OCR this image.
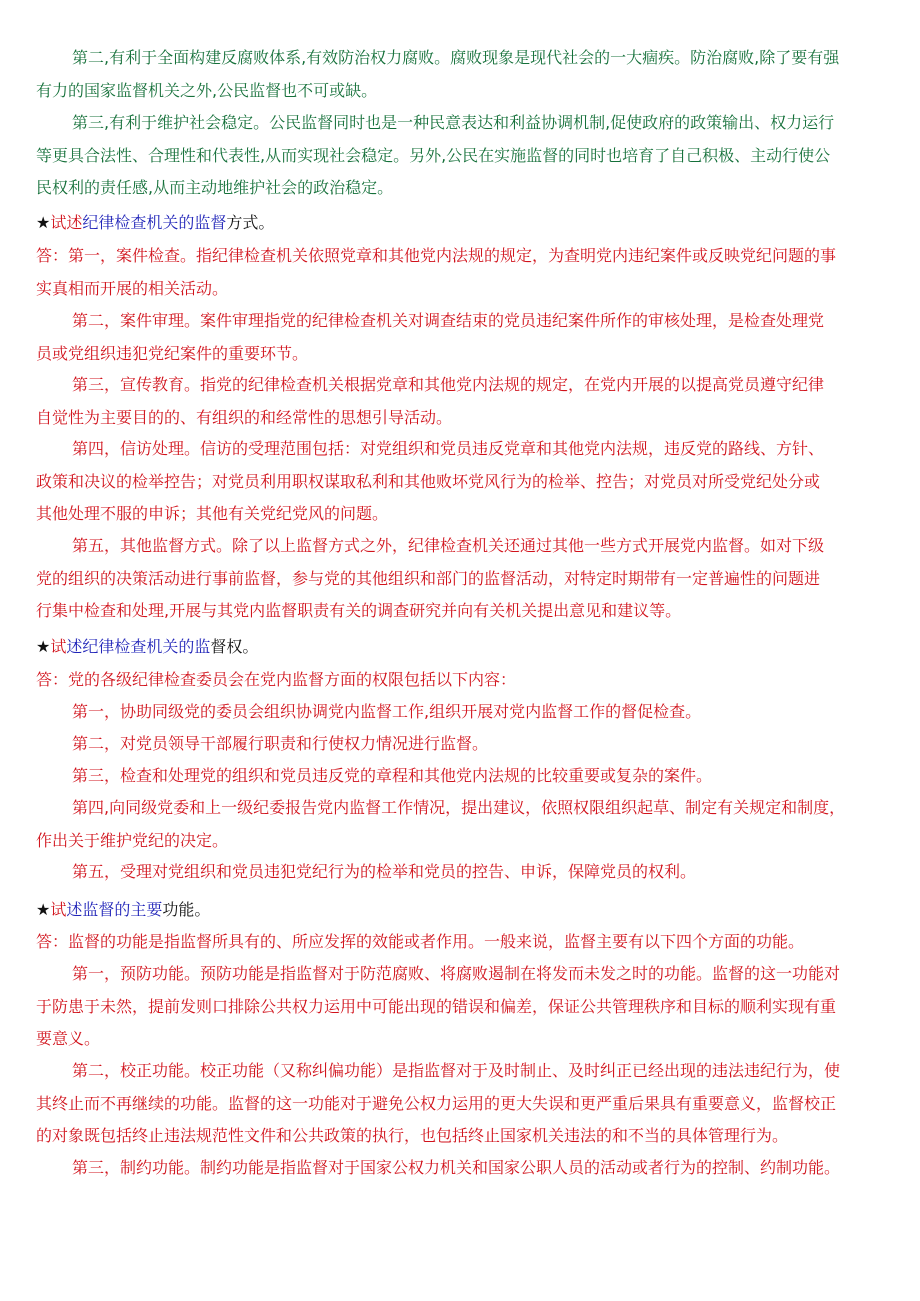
第二,有利于全面构建反腐败体系,有效防治权力腐败。腐败现象是现代社会的一大痼疾。防治腐败,除了要有强
有力的国家监督机关之外,公民监督也不可或缺。
第三,有利于维护社会稳定。公民监督同时也是一种民意表达和利益协调机制,促使政府的政策输出、权力运行
等更具合法性、合理性和代表性,从而实现社会稳定。另外,公民在实施监督的同时也培育了自己积极、主动行使公
民权利的责任感,从而主动地维护社会的政治稳定。
★试述纪律检查机关的监督方式。
答：第一，案件检查。指纪律检查机关依照党章和其他党内法规的规定，为查明党内违纪案件或反映党纪问题的事
实真相而开展的相关活动。
第二，案件审理。案件审理指党的纪律检查机关对调查结束的党员违纪案件所作的审核处理，是检查处理党
员或党组织违犯党纪案件的重要环节。
第三，宣传教育。指党的纪律检查机关根据党章和其他党内法规的规定，在党内开展的以提高党员遵守纪律
自觉性为主要目的的、有组织的和经常性的思想引导活动。
第四，信访处理。信访的受理范围包括：对党组织和党员违反党章和其他党内法规，违反党的路线、方针、
政策和决议的检举控告；对党员利用职权谋取私利和其他败坏党风行为的检举、控告；对党员对所受党纪处分或
其他处理不服的申诉；其他有关党纪党风的问题。
第五，其他监督方式。除了以上监督方式之外，纪律检查机关还通过其他一些方式开展党内监督。如对下级
党的组织的决策活动进行事前监督，参与党的其他组织和部门的监督活动，对特定时期带有一定普遍性的问题进
行集中检查和处理,开展与其党内监督职责有关的调查研究并向有关机关提出意见和建议等。
★试述纪律检查机关的监督权。
答：党的各级纪律检查委员会在党内监督方面的权限包括以下内容：
第一，协助同级党的委员会组织协调党内监督工作,组织开展对党内监督工作的督促检查。
第二，对党员领导干部履行职责和行使权力情况进行监督。
第三，检查和处理党的组织和党员违反党的章程和其他党内法规的比较重要或复杂的案件。
第四,向同级党委和上一级纪委报告党内监督工作情况，提出建议，依照权限组织起草、制定有关规定和制度，
作出关于维护党纪的决定。
第五，受理对党组织和党员违犯党纪行为的检举和党员的控告、申诉，保障党员的权利。
★试述监督的主要功能。
答：监督的功能是指监督所具有的、所应发挥的效能或者作用。一般来说，监督主要有以下四个方面的功能。
第一，预防功能。预防功能是指监督对于防范腐败、将腐败遏制在将发而未发之时的功能。监督的这一功能对
于防患于未然，提前发则口排除公共权力运用中可能出现的错误和偏差，保证公共管理秩序和目标的顺利实现有重
要意义。
第二，校正功能。校正功能（又称纠偏功能）是指监督对于及时制止、及时纠正已经出现的违法违纪行为，使
其终止而不再继续的功能。监督的这一功能对于避免公权力运用的更大失误和更严重后果具有重要意义，监督校正
的对象既包括终止违法规范性文件和公共政策的执行，也包括终止国家机关违法的和不当的具体管理行为。
第三，制约功能。制约功能是指监督对于国家公权力机关和国家公职人员的活动或者行为的控制、约制功能。
